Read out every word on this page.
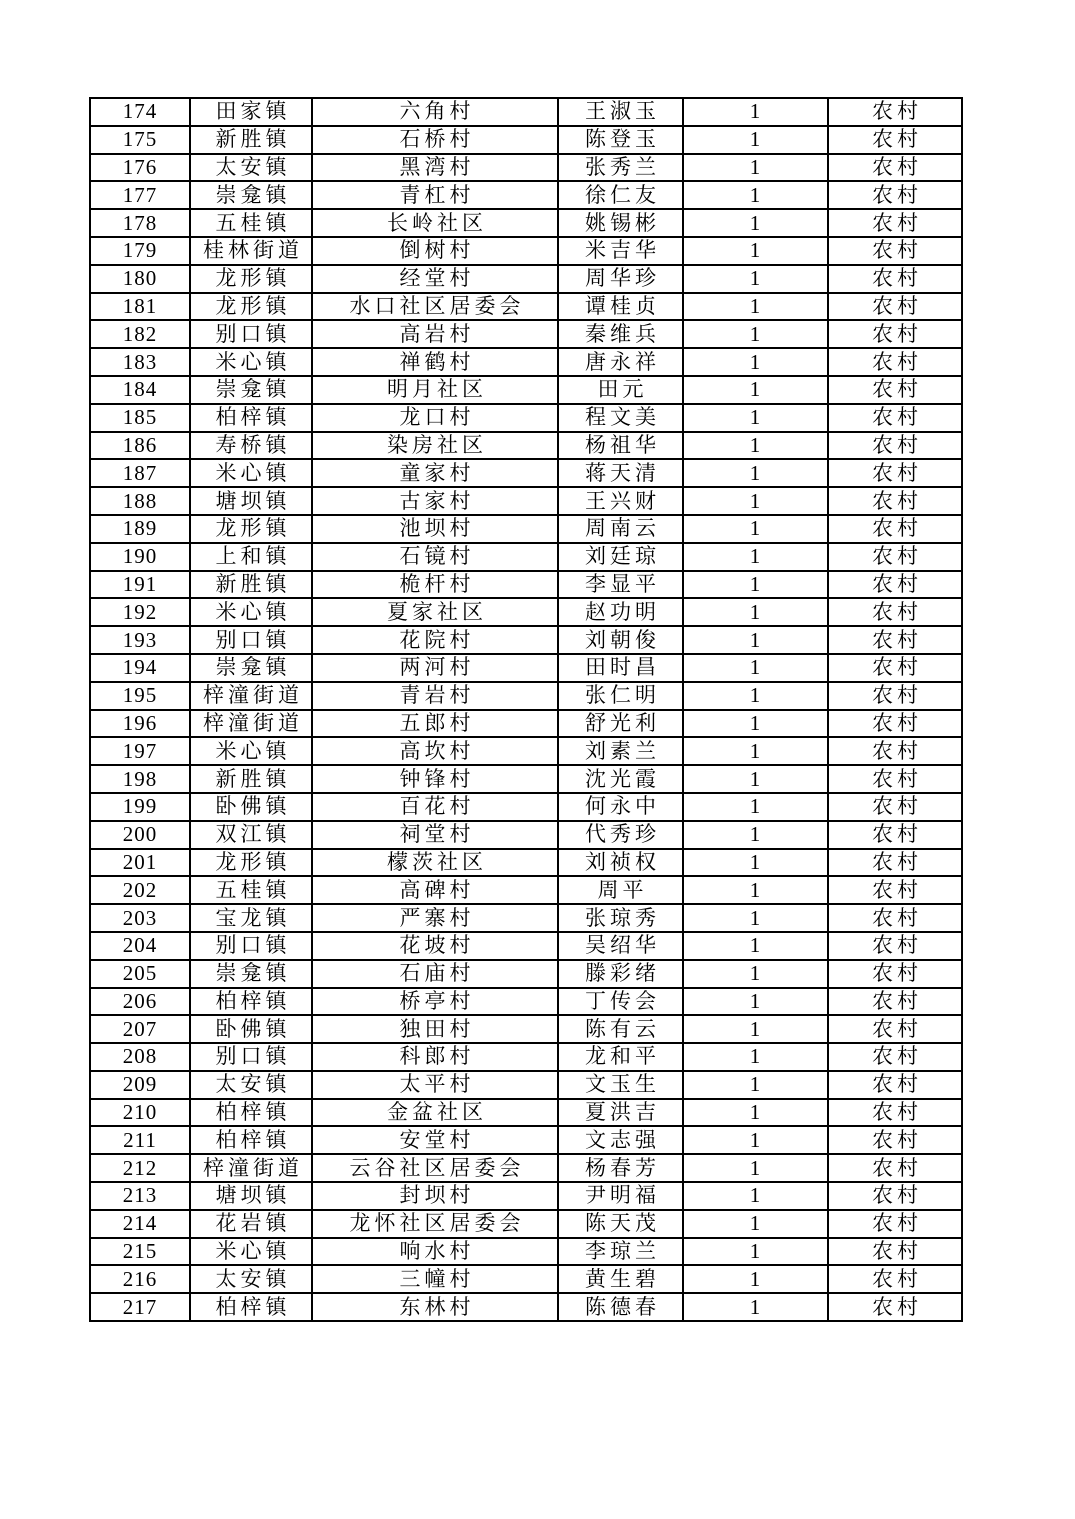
174	田家镇	六角村	王淑玉	1	农村
175	新胜镇	石桥村	陈登玉	1	农村
176	太安镇	黑湾村	张秀兰	1	农村
177	崇龛镇	青杠村	徐仁友	1	农村
178	五桂镇	长岭社区	姚锡彬	1	农村
179	桂林街道	倒树村	米吉华	1	农村
180	龙形镇	经堂村	周华珍	1	农村
181	龙形镇	水口社区居委会	谭桂贞	1	农村
182	别口镇	高岩村	秦维兵	1	农村
183	米心镇	禅鹤村	唐永祥	1	农村
184	崇龛镇	明月社区	田元	1	农村
185	柏梓镇	龙口村	程文美	1	农村
186	寿桥镇	染房社区	杨祖华	1	农村
187	米心镇	童家村	蒋天清	1	农村
188	塘坝镇	古家村	王兴财	1	农村
189	龙形镇	池坝村	周南云	1	农村
190	上和镇	石镜村	刘廷琼	1	农村
191	新胜镇	桅杆村	李显平	1	农村
192	米心镇	夏家社区	赵功明	1	农村
193	别口镇	花院村	刘朝俊	1	农村
194	崇龛镇	两河村	田时昌	1	农村
195	梓潼街道	青岩村	张仁明	1	农村
196	梓潼街道	五郎村	舒光利	1	农村
197	米心镇	高坎村	刘素兰	1	农村
198	新胜镇	钟锋村	沈光霞	1	农村
199	卧佛镇	百花村	何永中	1	农村
200	双江镇	祠堂村	代秀珍	1	农村
201	龙形镇	檬茨社区	刘祯权	1	农村
202	五桂镇	高碑村	周平	1	农村
203	宝龙镇	严寨村	张琼秀	1	农村
204	别口镇	花坡村	吴绍华	1	农村
205	崇龛镇	石庙村	滕彩绪	1	农村
206	柏梓镇	桥亭村	丁传会	1	农村
207	卧佛镇	独田村	陈有云	1	农村
208	别口镇	科郎村	龙和平	1	农村
209	太安镇	太平村	文玉生	1	农村
210	柏梓镇	金盆社区	夏洪吉	1	农村
211	柏梓镇	安堂村	文志强	1	农村
212	梓潼街道	云谷社区居委会	杨春芳	1	农村
213	塘坝镇	封坝村	尹明福	1	农村
214	花岩镇	龙怀社区居委会	陈天茂	1	农村
215	米心镇	响水村	李琼兰	1	农村
216	太安镇	三幢村	黄生碧	1	农村
217	柏梓镇	东林村	陈德春	1	农村
